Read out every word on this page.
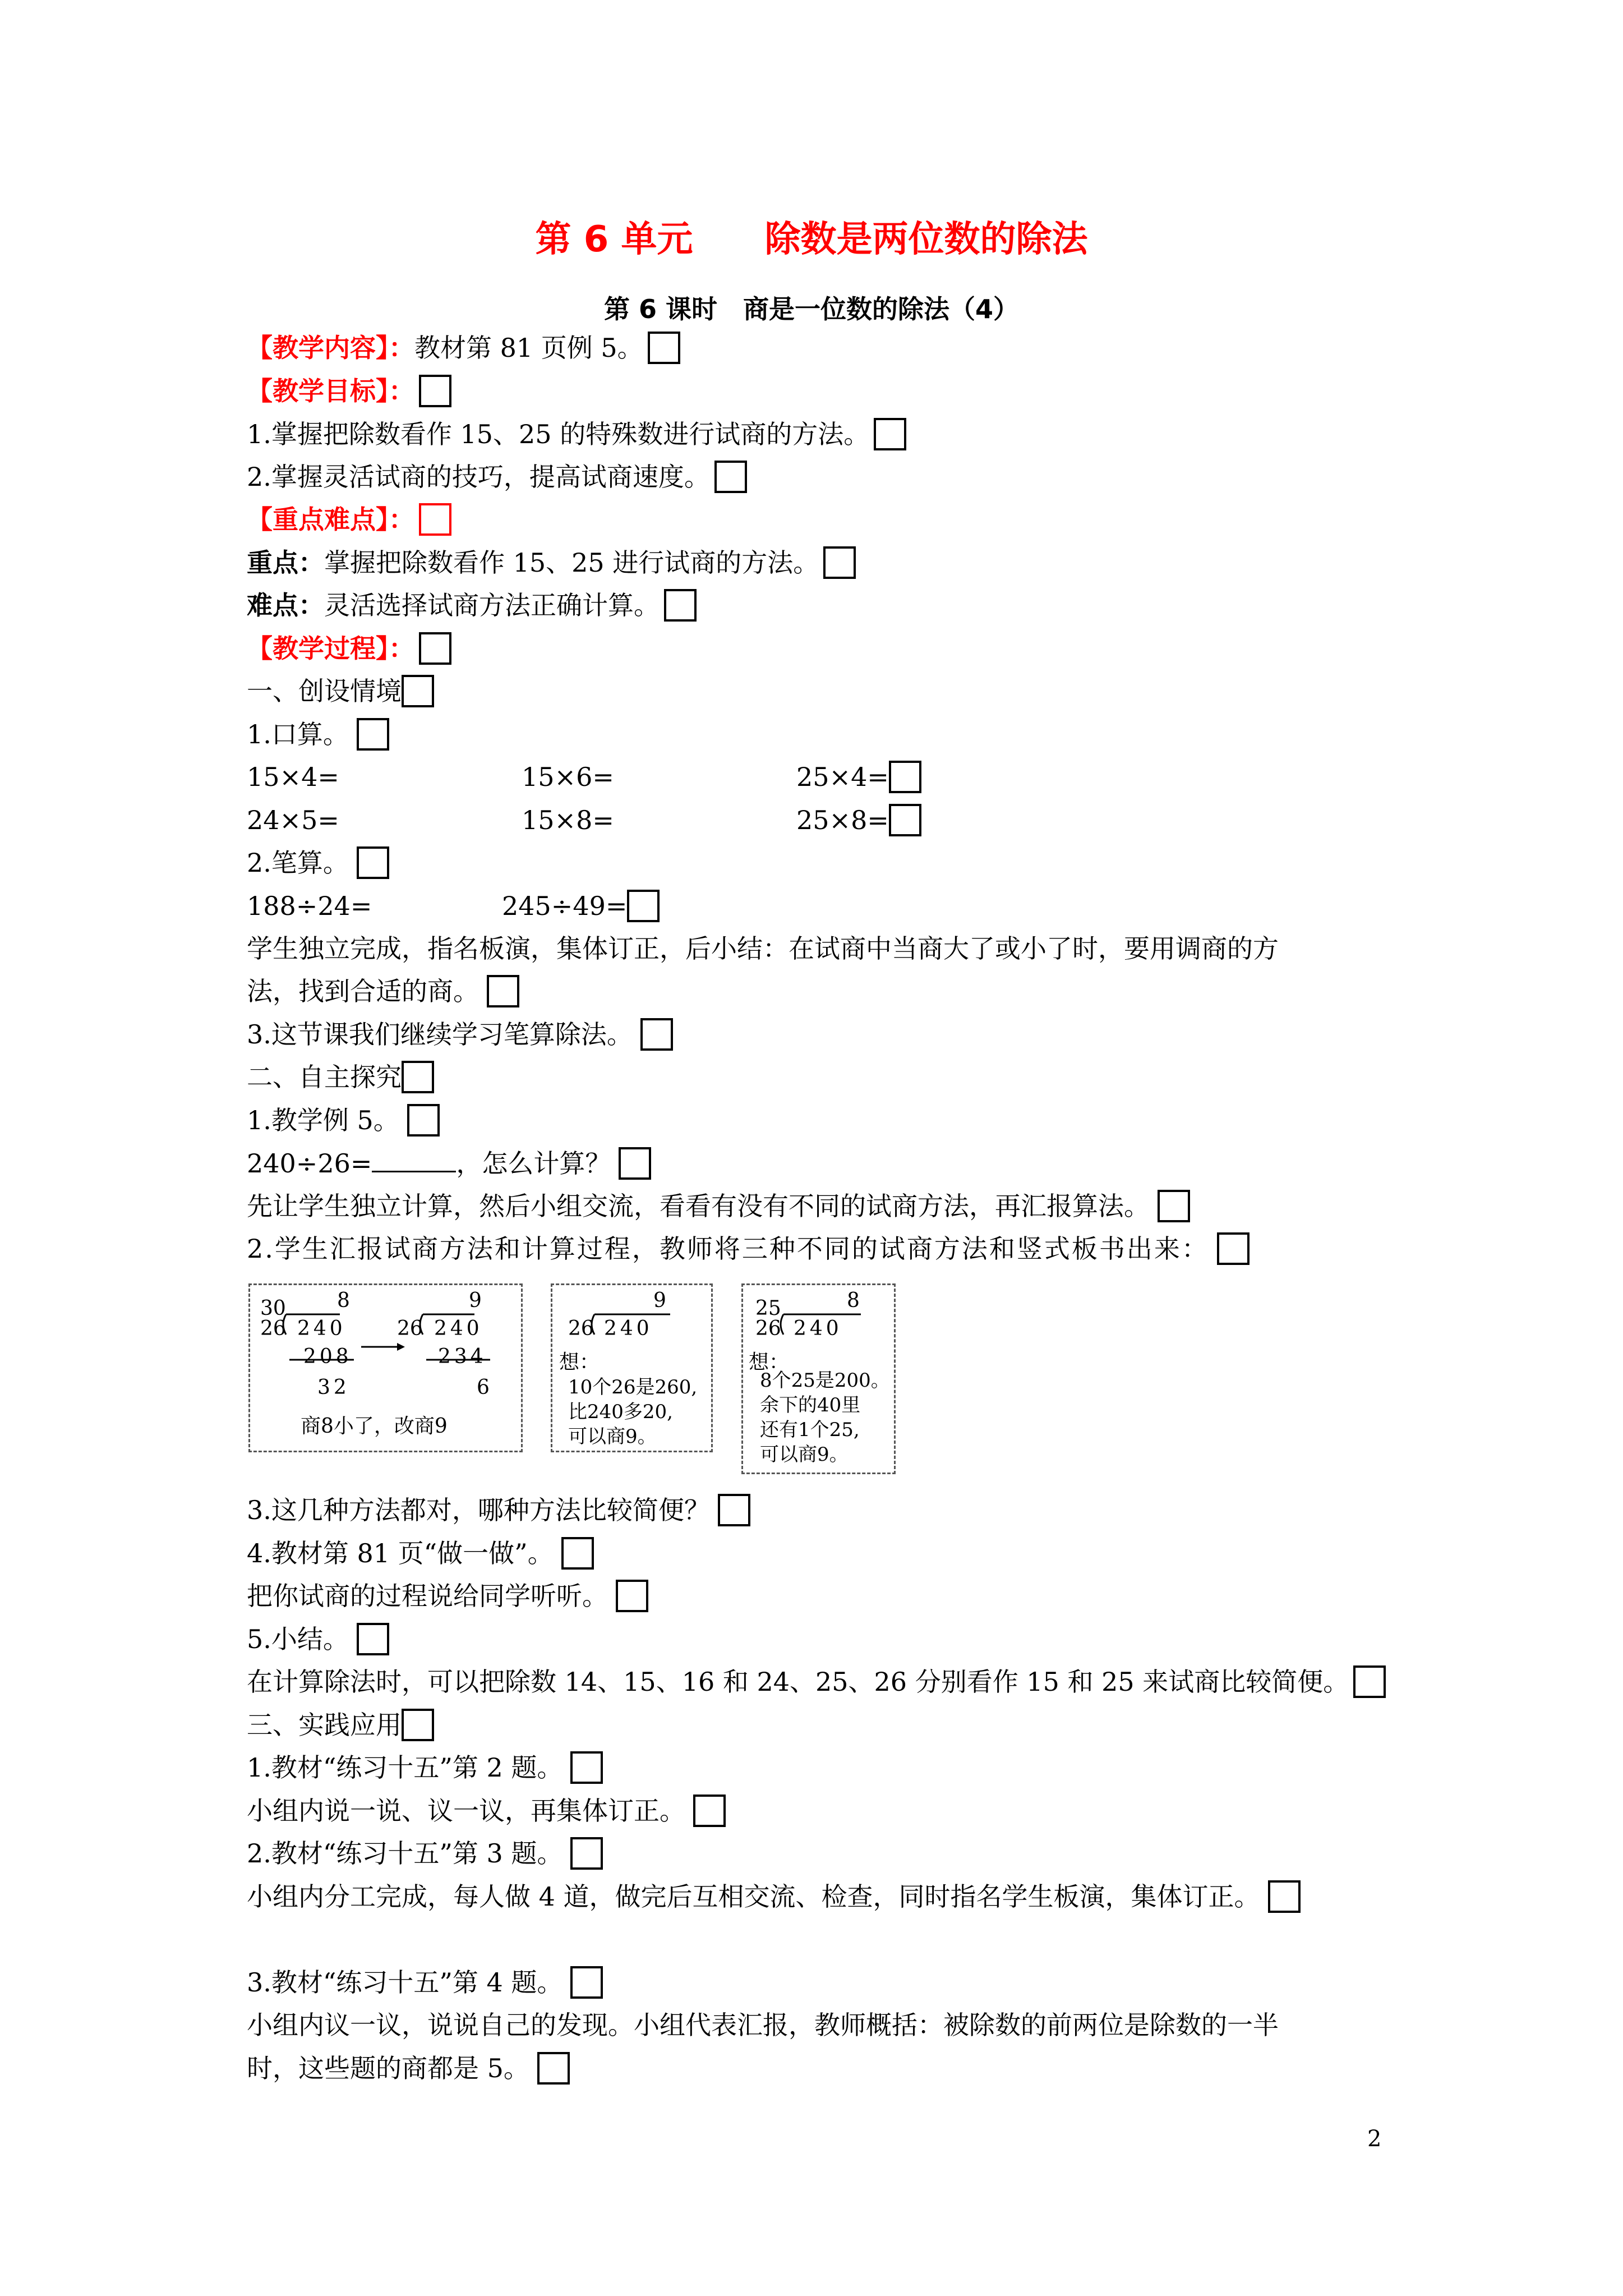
第 6 单元　　除数是两位数的除法
第 6 课时　商是一位数的除法（4）
【教学内容】：教材第 81 页例 5。
【教学目标】：
1.掌握把除数看作 15、25 的特殊数进行试商的方法。
2.掌握灵活试商的技巧，提高试商速度。
【重点难点】：
重点：掌握把除数看作 15、25 进行试商的方法。
难点：灵活选择试商方法正确计算。
【教学过程】：
一、创设情境
1.口算。
15×4=	15×6=	25×4=
24×5=	15×8=	25×8=
2.笔算。
188÷24=	245÷49=
学生独立完成，指名板演，集体订正，后小结：在试商中当商大了或小了时，要用调商的方
法，找到合适的商。
3.这节课我们继续学习笔算除法。
二、自主探究
1.教学例 5。
240÷26=	，怎么计算？
先让学生独立计算，然后小组交流，看看有没有不同的试商方法，再汇报算法。
2.学生汇报试商方法和计算过程，教师将三种不同的试商方法和竖式板书出来：
30	8
26 240
208
32
9
26 240
234
6
商8小了，改商9
9
26 240
想：
10个26是260,
比240多20,
可以商9。
25	8
26 240
想：
8个25是200。
余下的40里
还有1个25,
可以商9。
3.这几种方法都对，哪种方法比较简便？
4.教材第 81 页“做一做”。
把你试商的过程说给同学听听。
5.小结。
在计算除法时，可以把除数 14、15、16 和 24、25、26 分别看作 15 和 25 来试商比较简便。
三、实践应用
1.教材“练习十五”第 2 题。
小组内说一说、议一议，再集体订正。
2.教材“练习十五”第 3 题。
小组内分工完成，每人做 4 道，做完后互相交流、检查，同时指名学生板演，集体订正。
3.教材“练习十五”第 4 题。
小组内议一议，说说自己的发现。小组代表汇报，教师概括：被除数的前两位是除数的一半
时，这些题的商都是 5。
2
